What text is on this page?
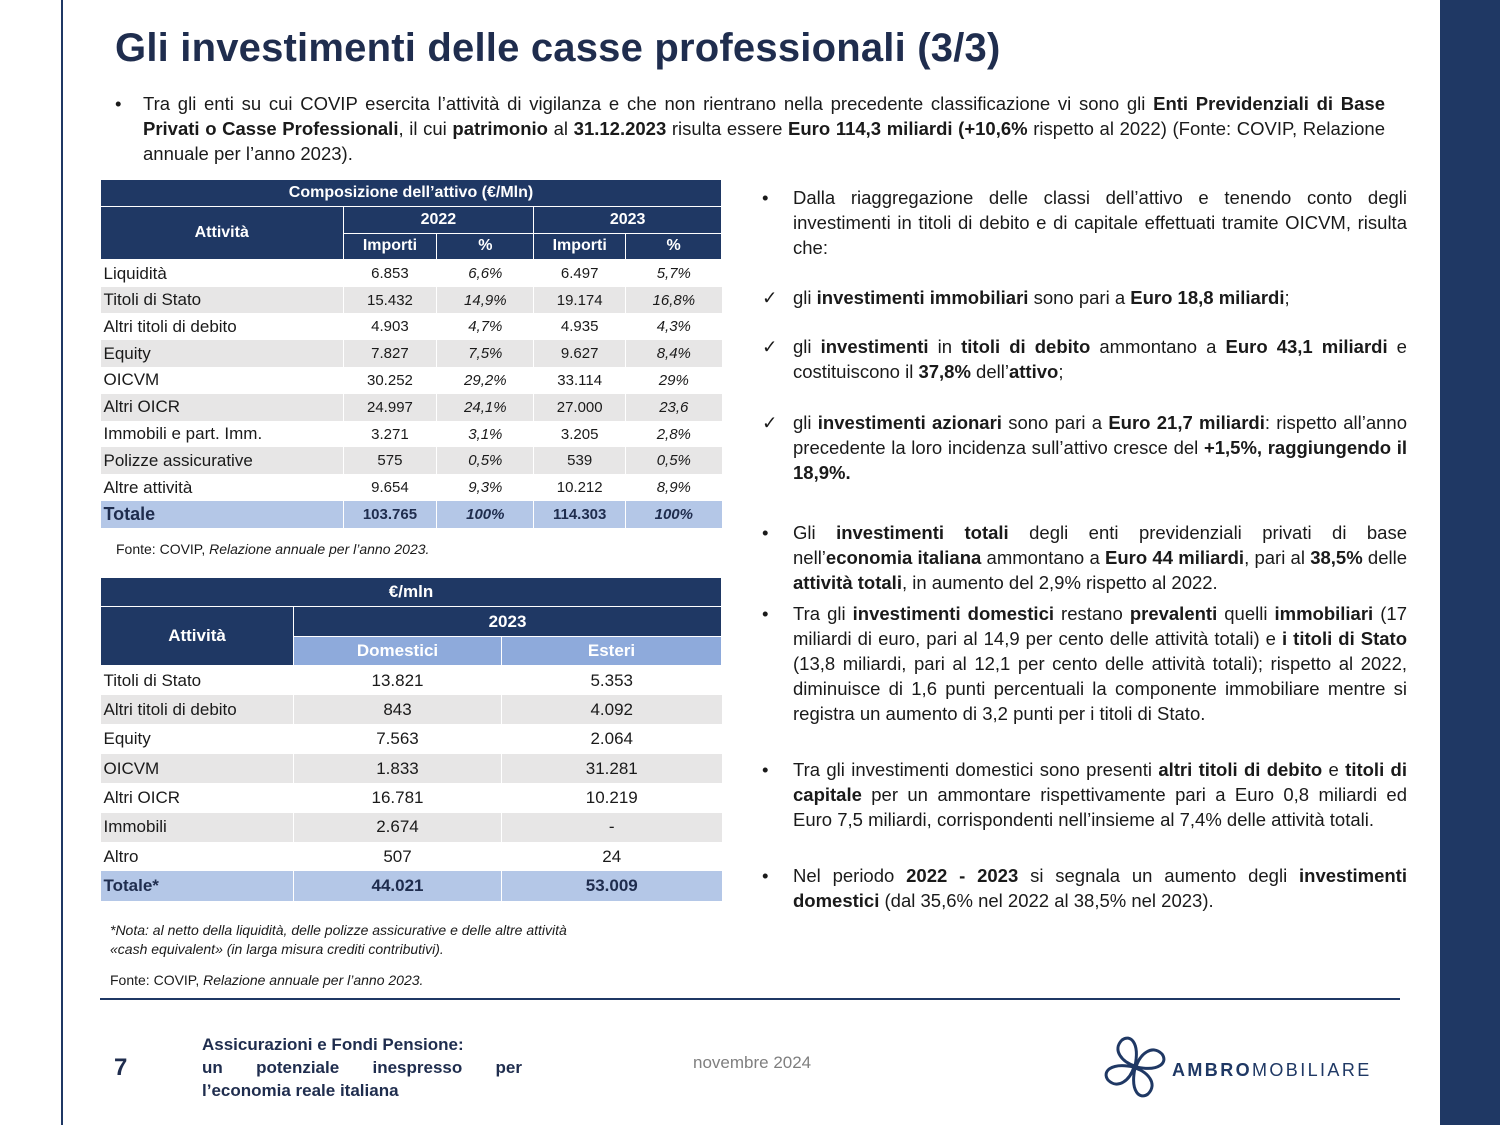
Gli investimenti delle casse professionali (3/3)
• Tra gli enti su cui COVIP esercita l’attività di vigilanza e che non rientrano nella precedente classificazione vi sono gli Enti Previdenziali di Base Privati o Casse Professionali, il cui patrimonio al 31.12.2023 risulta essere Euro 114,3 miliardi (+10,6% rispetto al 2022) (Fonte: COVIP, Relazione annuale per l’anno 2023).
Composizione dell’attivo (€/Mln)				
Attività	2022		2023	
	Importi	%	Importi	%
Liquidità	6.853	6,6%	6.497	5,7%
Titoli di Stato	15.432	14,9%	19.174	16,8%
Altri titoli di debito	4.903	4,7%	4.935	4,3%
Equity	7.827	7,5%	9.627	8,4%
OICVM	30.252	29,2%	33.114	29%
Altri OICR	24.997	24,1%	27.000	23,6
Immobili e part. Imm.	3.271	3,1%	3.205	2,8%
Polizze assicurative	575	0,5%	539	0,5%
Altre attività	9.654	9,3%	10.212	8,9%
Totale	103.765	100%	114.303	100%
Fonte: COVIP, Relazione annuale per l’anno 2023.
€/mln		
Attività	2023	
	Domestici	Esteri
Titoli di Stato	13.821	5.353
Altri titoli di debito	843	4.092
Equity	7.563	2.064
OICVM	1.833	31.281
Altri OICR	16.781	10.219
Immobili	2.674	-
Altro	507	24
Totale*	44.021	53.009
*Nota: al netto della liquidità, delle polizze assicurative e delle altre attività
«cash equivalent» (in larga misura crediti contributivi).
Fonte: COVIP, Relazione annuale per l’anno 2023.
• Dalla riaggregazione delle classi dell’attivo e tenendo conto degli investimenti in titoli di debito e di capitale effettuati tramite OICVM, risulta che:
✓ gli investimenti immobiliari sono pari a Euro 18,8 miliardi;
✓ gli investimenti in titoli di debito ammontano a Euro 43,1 miliardi e costituiscono il 37,8% dell’attivo;
✓ gli investimenti azionari sono pari a Euro 21,7 miliardi: rispetto all’anno precedente la loro incidenza sull’attivo cresce del +1,5%, raggiungendo il 18,9%.
• Gli investimenti totali degli enti previdenziali privati di base nell’economia italiana ammontano a Euro 44 miliardi, pari al 38,5% delle attività totali, in aumento del 2,9% rispetto al 2022.
• Tra gli investimenti domestici restano prevalenti quelli immobiliari (17 miliardi di euro, pari al 14,9 per cento delle attività totali) e i titoli di Stato (13,8 miliardi, pari al 12,1 per cento delle attività totali); rispetto al 2022, diminuisce di 1,6 punti percentuali la componente immobiliare mentre si registra un aumento di 3,2 punti per i titoli di Stato.
• Tra gli investimenti domestici sono presenti altri titoli di debito e titoli di capitale per un ammontare rispettivamente pari a Euro 0,8 miliardi ed Euro 7,5 miliardi, corrispondenti nell’insieme al 7,4% delle attività totali.
• Nel periodo 2022 - 2023 si segnala un aumento degli investimenti domestici (dal 35,6% nel 2022 al 38,5% nel 2023).
7
Assicurazioni e Fondi Pensione:
un potenziale inespresso per
l’economia reale italiana
novembre 2024	AMBROMOBILIARE
